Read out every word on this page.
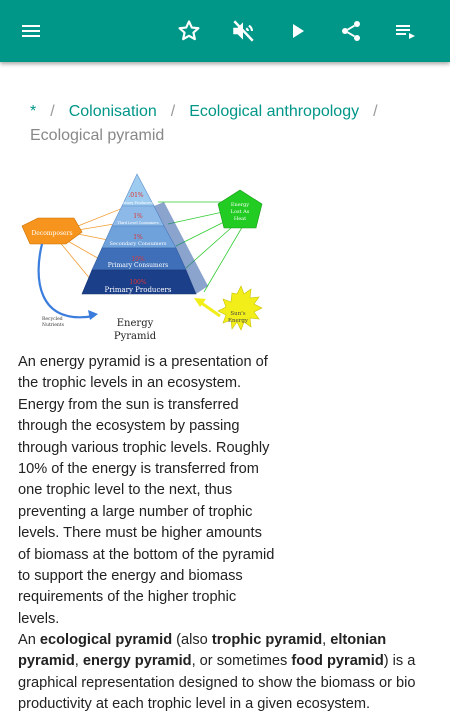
* / Colonisation / Ecological anthropology /
Ecological pyramid
.01%
Tertiary Producers
1%
Third Level Consumers
1%
Secondary Consumers
10%
Primary Consumers
100%
Primary Producers
Decomposers
Energy
Lost As
Heat
Sun's
Energy
Recycled
Nutrients	Energy
Pyramid

An energy pyramid is a presentation of the trophic levels in an ecosystem. Energy from the sun is transferred through the ecosystem by passing through various trophic levels. Roughly 10% of the energy is transferred from one trophic level to the next, thus preventing a large number of trophic levels. There must be higher amounts of biomass at the bottom of the pyramid to support the energy and biomass requirements of the higher trophic levels.

An ecological pyramid (also trophic pyramid, eltonian pyramid, energy pyramid, or sometimes food pyramid) is a graphical representation designed to show the biomass or bio productivity at each trophic level in a given ecosystem.
